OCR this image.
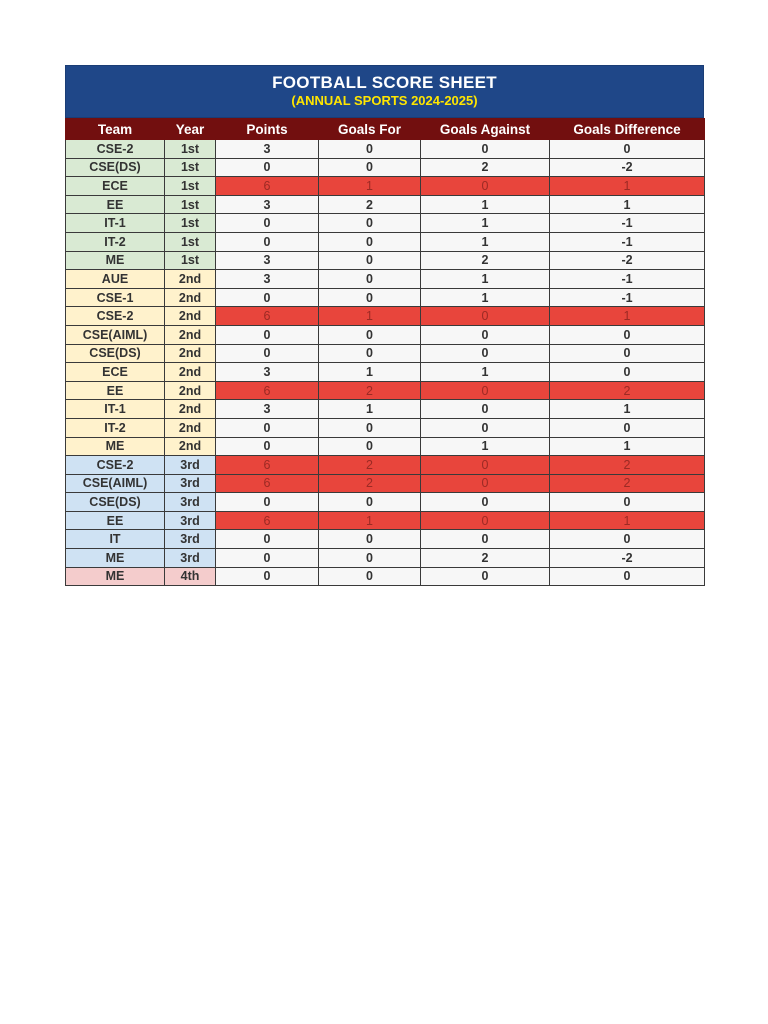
FOOTBALL SCORE SHEET
(ANNUAL SPORTS 2024-2025)
Team	Year	Points	Goals For	Goals Against	Goals Difference
CSE-2	1st	3	0	0	0
CSE(DS)	1st	0	0	2	-2
ECE	1st	6	1	0	1
EE	1st	3	2	1	1
IT-1	1st	0	0	1	-1
IT-2	1st	0	0	1	-1
ME	1st	3	0	2	-2
AUE	2nd	3	0	1	-1
CSE-1	2nd	0	0	1	-1
CSE-2	2nd	6	1	0	1
CSE(AIML)	2nd	0	0	0	0
CSE(DS)	2nd	0	0	0	0
ECE	2nd	3	1	1	0
EE	2nd	6	2	0	2
IT-1	2nd	3	1	0	1
IT-2	2nd	0	0	0	0
ME	2nd	0	0	1	1
CSE-2	3rd	6	2	0	2
CSE(AIML)	3rd	6	2	0	2
CSE(DS)	3rd	0	0	0	0
EE	3rd	6	1	0	1
IT	3rd	0	0	0	0
ME	3rd	0	0	2	-2
ME	4th	0	0	0	0
